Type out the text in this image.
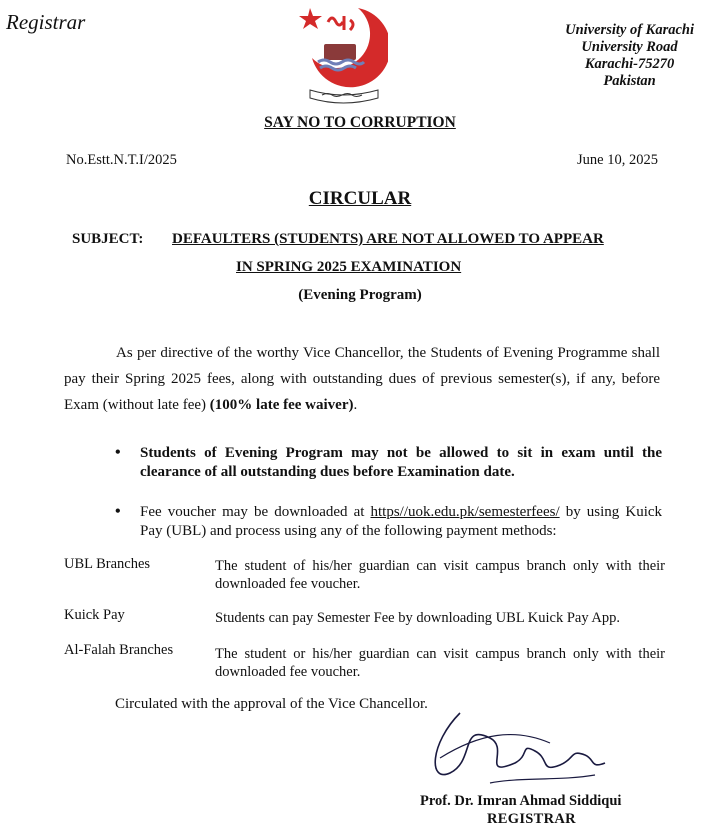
Registrar	University of Karachi
University Road
Karachi-75270
Pakistan
SAY NO TO CORRUPTION
No.Estt.N.T.I/2025	June 10, 2025
CIRCULAR
SUBJECT: DEFAULTERS (STUDENTS) ARE NOT ALLOWED TO APPEAR
IN SPRING 2025 EXAMINATION
(Evening Program)
As per directive of the worthy Vice Chancellor, the Students of Evening Programme shall pay their Spring 2025 fees, along with outstanding dues of previous semester(s), if any, before Exam (without late fee) (100% late fee waiver).
• Students of Evening Program may not be allowed to sit in exam until the clearance of all outstanding dues before Examination date.
• Fee voucher may be downloaded at https//uok.edu.pk/semesterfees/ by using Kuick Pay (UBL) and process using any of the following payment methods:
UBL Branches	The student of his/her guardian can visit campus branch only with their downloaded fee voucher.
Kuick Pay	Students can pay Semester Fee by downloading UBL Kuick Pay App.
Al-Falah Branches	The student or his/her guardian can visit campus branch only with their downloaded fee voucher.
Circulated with the approval of the Vice Chancellor.
Prof. Dr. Imran Ahmad Siddiqui
REGISTRAR
